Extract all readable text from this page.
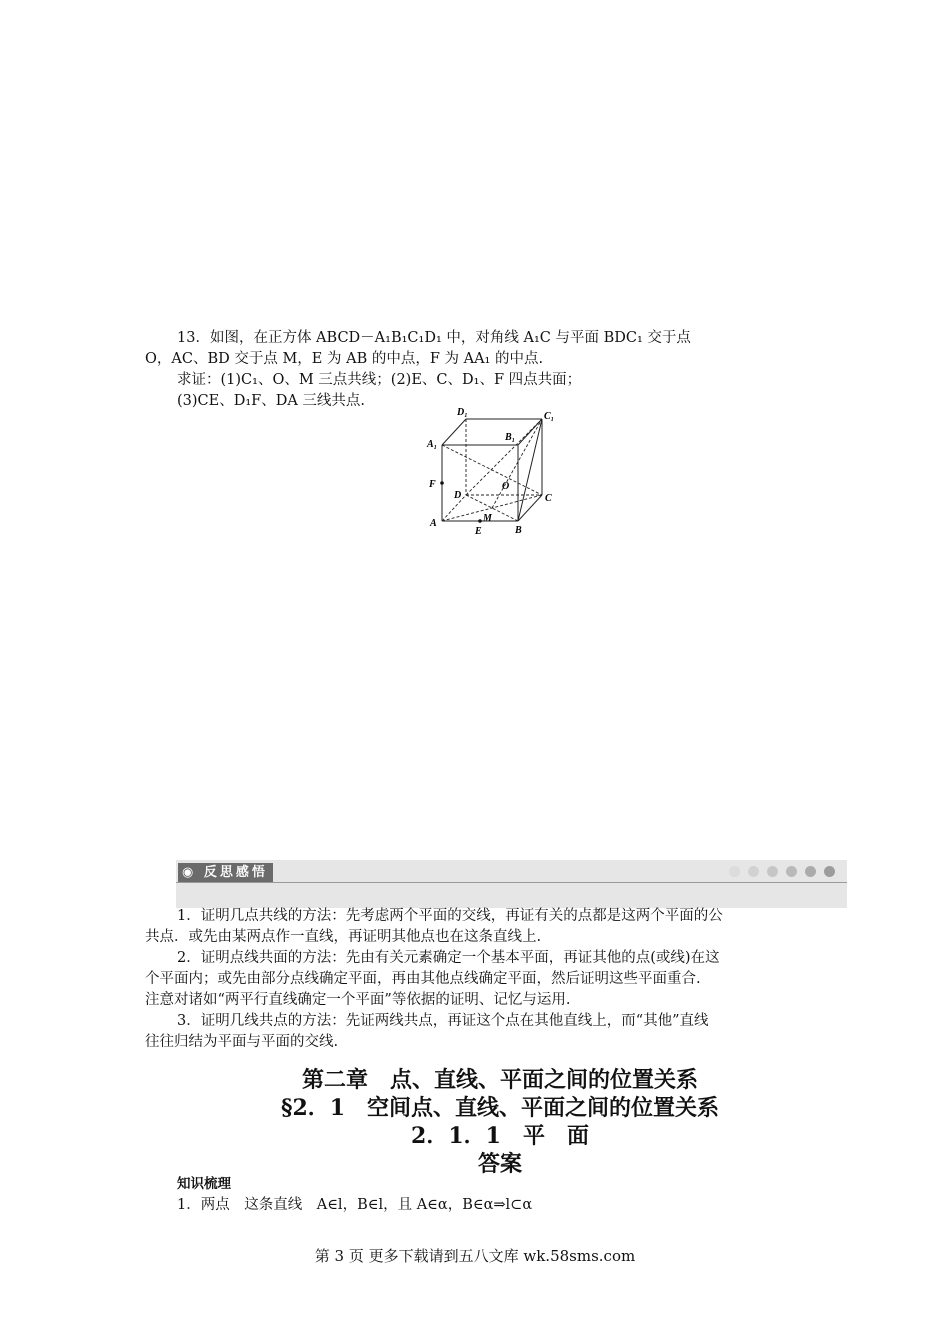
13．如图，在正方体 ABCD－A₁B₁C₁D₁ 中，对角线 A₁C 与平面 BDC₁ 交于点
O，AC、BD 交于点 M，E 为 AB 的中点，F 为 AA₁ 的中点.
求证：(1)C₁、O、M 三点共线；(2)E、C、D₁、F 四点共面；
(3)CE、D₁F、DA 三线共点.
D₁	C₁
A₁
B₁
F
D
O
C
A	M
E	B
◉ 反思感悟
1．证明几点共线的方法：先考虑两个平面的交线，再证有关的点都是这两个平面的公
共点．或先由某两点作一直线，再证明其他点也在这条直线上.
2．证明点线共面的方法：先由有关元素确定一个基本平面，再证其他的点(或线)在这
个平面内；或先由部分点线确定平面，再由其他点线确定平面，然后证明这些平面重合.
注意对诸如“两平行直线确定一个平面”等依据的证明、记忆与运用.
3．证明几线共点的方法：先证两线共点，再证这个点在其他直线上，而“其他”直线
往往归结为平面与平面的交线.
第二章　点、直线、平面之间的位置关系
§2．1　空间点、直线、平面之间的位置关系
2．1．1　平　面
答案
知识梳理
1．两点　这条直线　A∈l，B∈l，且 A∈α，B∈α⇒l⊂α
第 3 页 更多下载请到五八文库 wk.58sms.com
